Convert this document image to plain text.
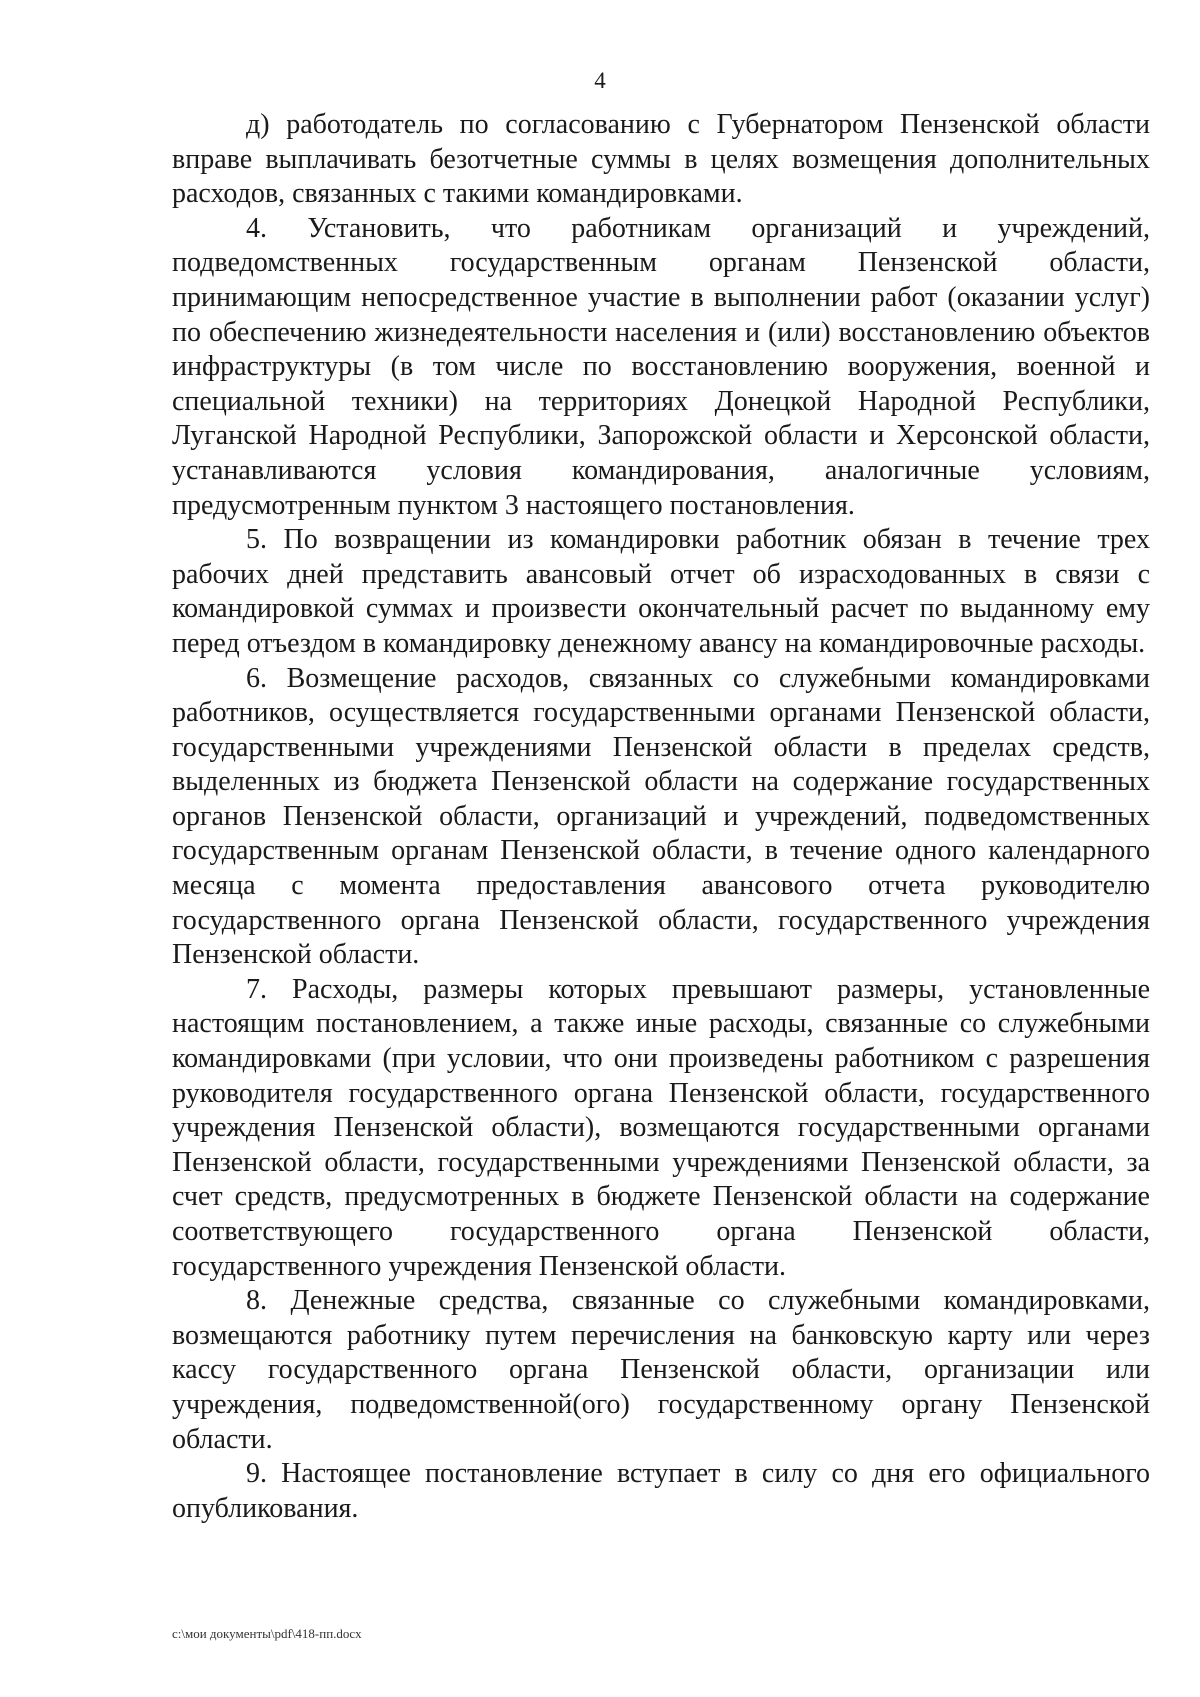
4

д) работодатель по согласованию с Губернатором Пензенской области вправе выплачивать безотчетные суммы в целях возмещения дополнительных расходов, связанных с такими командировками.

4. Установить, что работникам организаций и учреждений, подведомственных государственным органам Пензенской области, принимающим непосредственное участие в выполнении работ (оказании услуг) по обеспечению жизнедеятельности населения и (или) восстановлению объектов инфраструктуры (в том числе по восстановлению вооружения, военной и специальной техники) на территориях Донецкой Народной Республики, Луганской Народной Республики, Запорожской области и Херсонской области, устанавливаются условия командирования, аналогичные условиям, предусмотренным пунктом 3 настоящего постановления.

5. По возвращении из командировки работник обязан в течение трех рабочих дней представить авансовый отчет об израсходованных в связи с командировкой суммах и произвести окончательный расчет по выданному ему перед отъездом в командировку денежному авансу на командировочные расходы.

6. Возмещение расходов, связанных со служебными командировками работников, осуществляется государственными органами Пензенской области, государственными учреждениями Пензенской области в пределах средств, выделенных из бюджета Пензенской области на содержание государственных органов Пензенской области, организаций и учреждений, подведомственных государственным органам Пензенской области, в течение одного календарного месяца с момента предоставления авансового отчета руководителю государственного органа Пензенской области, государственного учреждения Пензенской области.

7. Расходы, размеры которых превышают размеры, установленные настоящим постановлением, а также иные расходы, связанные со служебными командировками (при условии, что они произведены работником с разрешения руководителя государственного органа Пензенской области, государственного учреждения Пензенской области), возмещаются государственными органами Пензенской области, государственными учреждениями Пензенской области, за счет средств, предусмотренных в бюджете Пензенской области на содержание соответствующего государственного органа Пензенской области, государственного учреждения Пензенской области.

8. Денежные средства, связанные со служебными командировками, возмещаются работнику путем перечисления на банковскую карту или через кассу государственного органа Пензенской области, организации или учреждения, подведомственной(ого) государственному органу Пензенской области.

9. Настоящее постановление вступает в силу со дня его официального опубликования.

c:\мои документы\pdf\418-пп.docx
